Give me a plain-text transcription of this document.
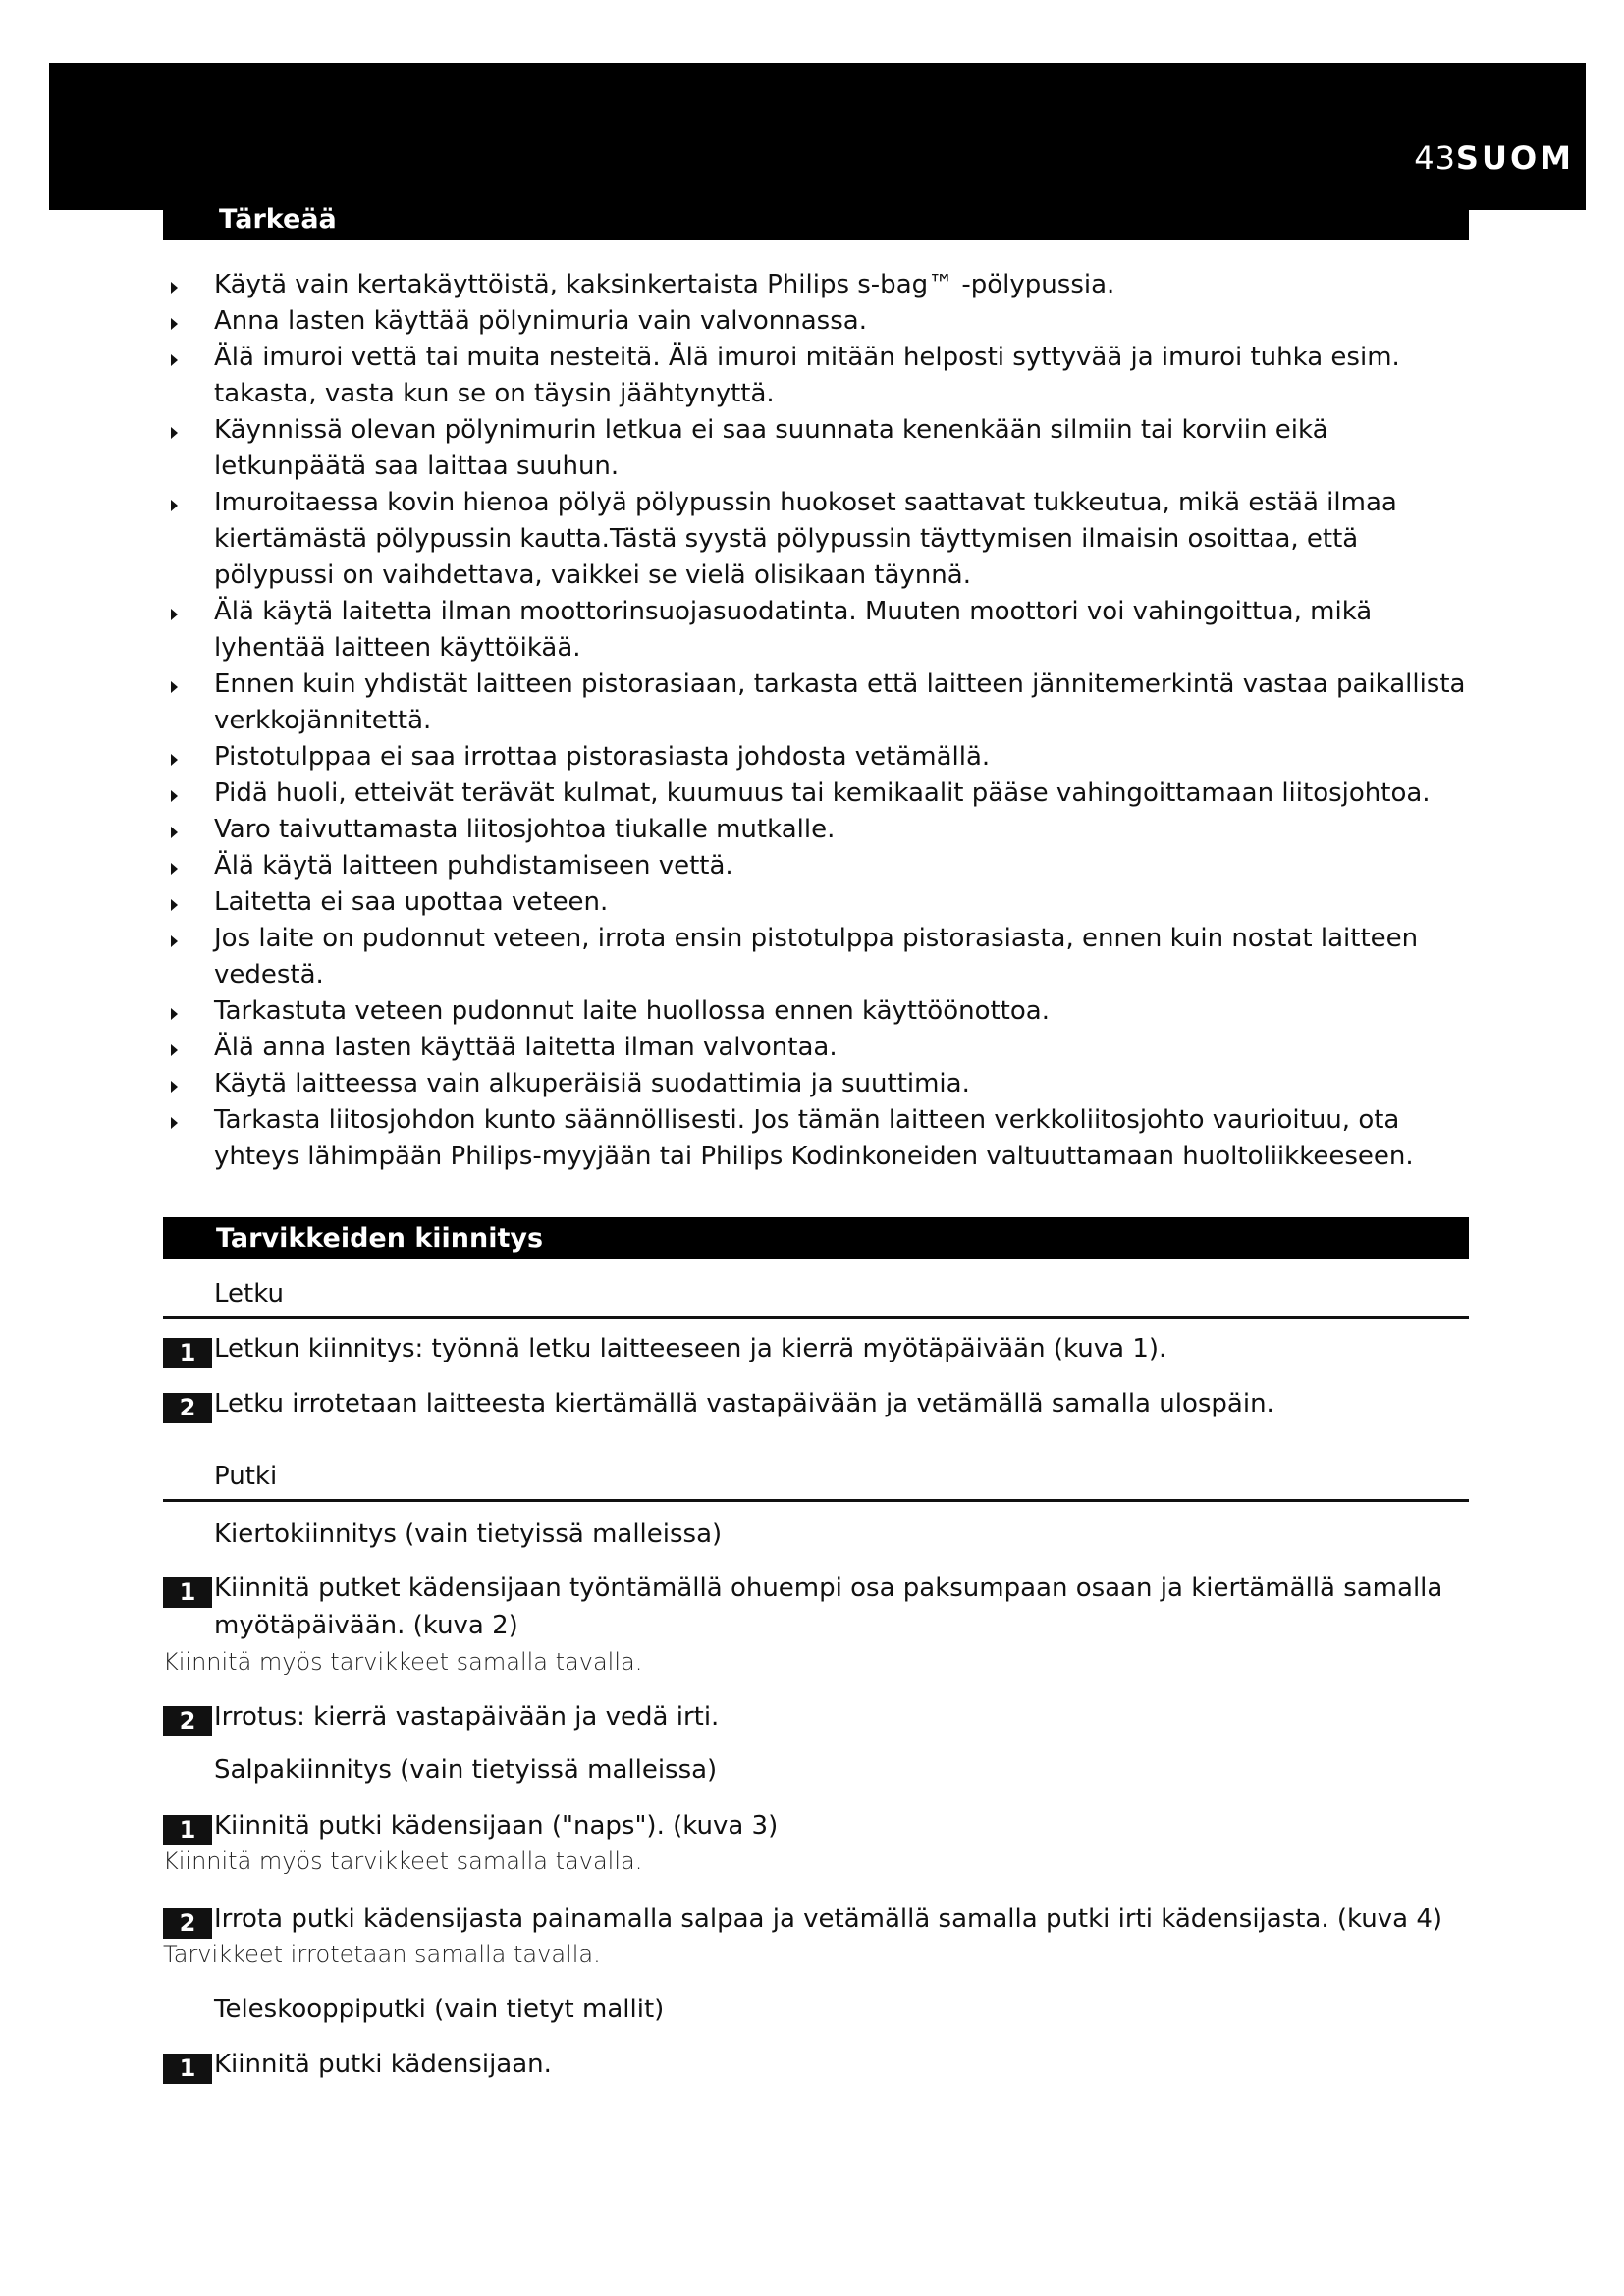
43SUOM
Tärkeää
Käytä vain kertakäyttöistä, kaksinkertaista Philips s-bag™ -pölypussia.
Anna lasten käyttää pölynimuria vain valvonnassa.
Älä imuroi vettä tai muita nesteitä. Älä imuroi mitään helposti syttyvää ja imuroi tuhka esim. takasta, vasta kun se on täysin jäähtynyttä.
Käynnissä olevan pölynimurin letkua ei saa suunnata kenenkään silmiin tai korviin eikä letkunpäätä saa laittaa suuhun.
Imuroitaessa kovin hienoa pölyä pölypussin huokoset saattavat tukkeutua, mikä estää ilmaa kiertämästä pölypussin kautta.Tästä syystä pölypussin täyttymisen ilmaisin osoittaa, että pölypussi on vaihdettava, vaikkei se vielä olisikaan täynnä.
Älä käytä laitetta ilman moottorinsuojasuodatinta. Muuten moottori voi vahingoittua, mikä lyhentää laitteen käyttöikää.
Ennen kuin yhdistät laitteen pistorasiaan, tarkasta että laitteen jännitemerkintä vastaa paikallista verkkojännitettä.
Pistotulppaa ei saa irrottaa pistorasiasta johdosta vetämällä.
Pidä huoli, etteivät terävät kulmat, kuumuus tai kemikaalit pääse vahingoittamaan liitosjohtoa.
Varo taivuttamasta liitosjohtoa tiukalle mutkalle.
Älä käytä laitteen puhdistamiseen vettä.
Laitetta ei saa upottaa veteen.
Jos laite on pudonnut veteen, irrota ensin pistotulppa pistorasiasta, ennen kuin nostat laitteen vedestä.
Tarkastuta veteen pudonnut laite huollossa ennen käyttöönottoa.
Älä anna lasten käyttää laitetta ilman valvontaa.
Käytä laitteessa vain alkuperäisiä suodattimia ja suuttimia.
Tarkasta liitosjohdon kunto säännöllisesti. Jos tämän laitteen verkkoliitosjohto vaurioituu, ota yhteys lähimpään Philips-myyjään tai Philips Kodinkoneiden valtuuttamaan huoltoliikkeeseen.
Tarvikkeiden kiinnitys
Letku
1 Letkun kiinnitys: työnnä letku laitteeseen ja kierrä myötäpäivään (kuva 1).
2 Letku irrotetaan laitteesta kiertämällä vastapäivään ja vetämällä samalla ulospäin.
Putki
Kiertokiinnitys (vain tietyissä malleissa)
1 Kiinnitä putket kädensijaan työntämällä ohuempi osa paksumpaan osaan ja kiertämällä samalla
myötäpäivään. (kuva 2)
Kiinnitä myös tarvikkeet samalla tavalla.
2 Irrotus: kierrä vastapäivään ja vedä irti.
Salpakiinnitys (vain tietyissä malleissa)
1 Kiinnitä putki kädensijaan ("naps"). (kuva 3)
Kiinnitä myös tarvikkeet samalla tavalla.
2 Irrota putki kädensijasta painamalla salpaa ja vetämällä samalla putki irti kädensijasta. (kuva 4)
Tarvikkeet irrotetaan samalla tavalla.
Teleskooppiputki (vain tietyt mallit)
1 Kiinnitä putki kädensijaan.
